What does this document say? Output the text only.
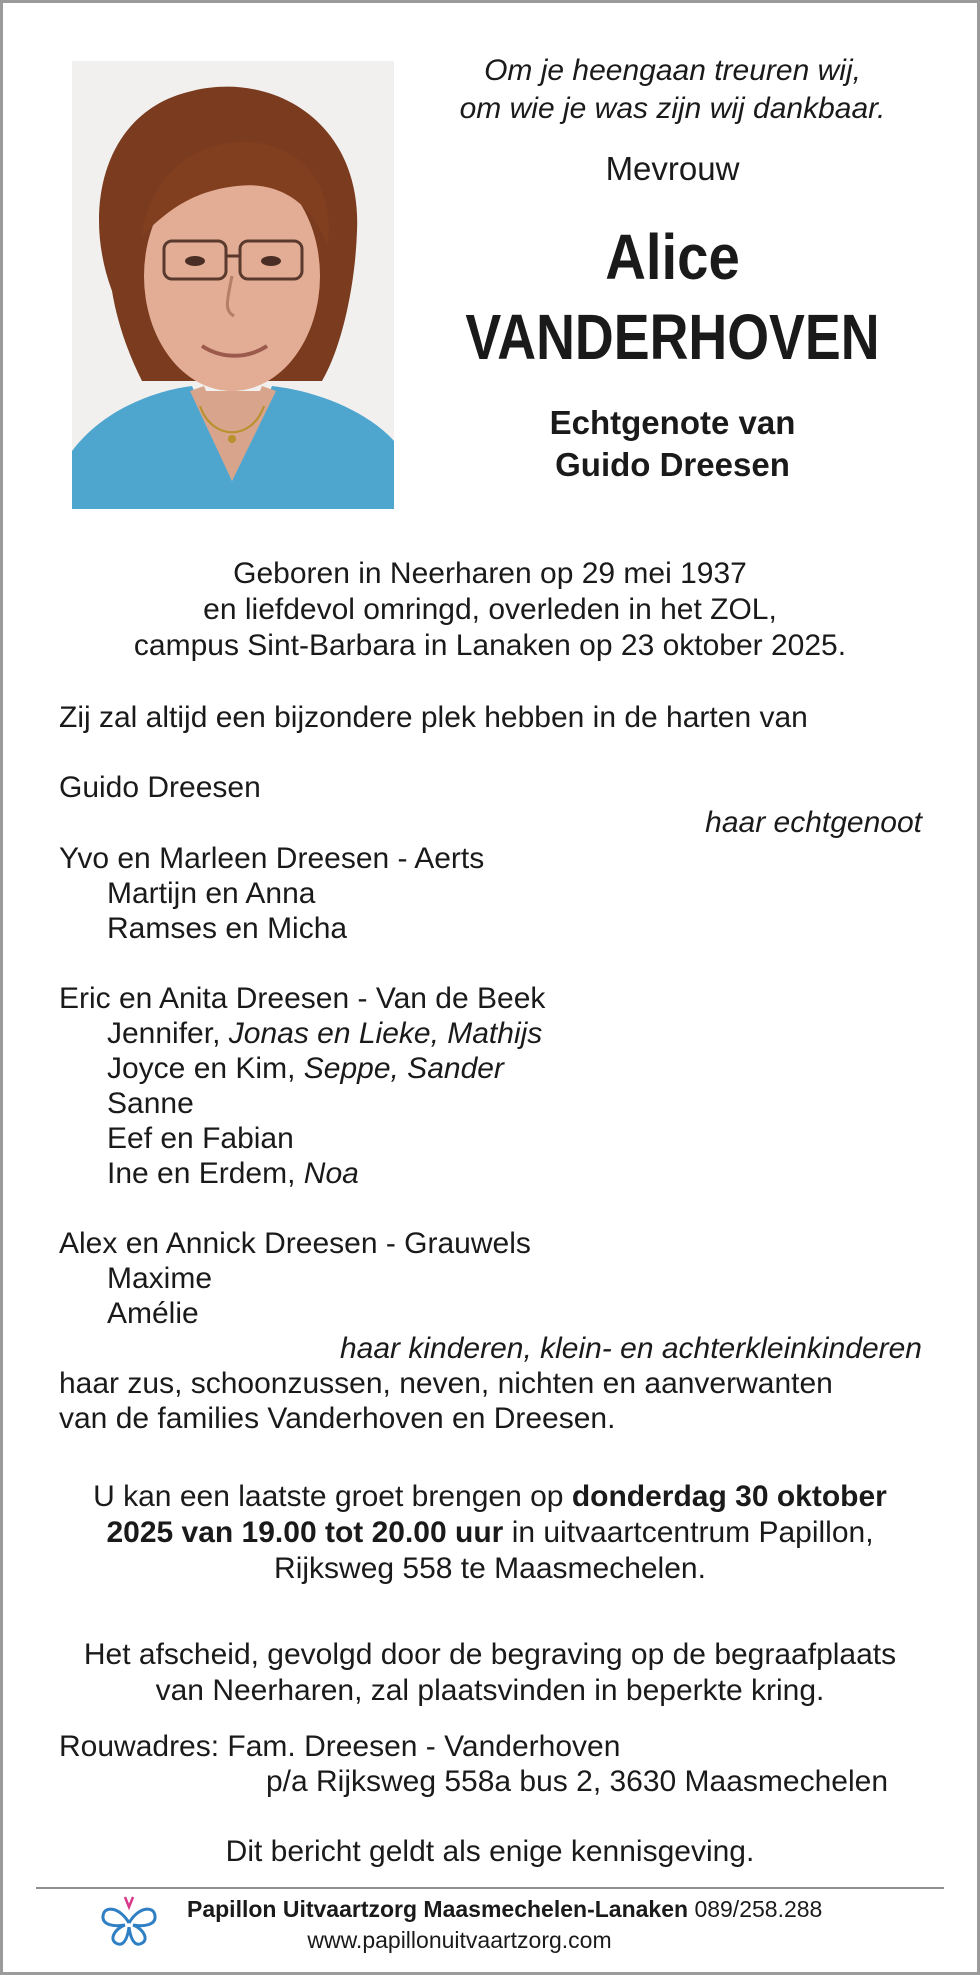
Om je heengaan treuren wij,
om wie je was zijn wij dankbaar.
Mevrouw
Alice
VANDERHOVEN
Echtgenote van
Guido Dreesen
Geboren in Neerharen op 29 mei 1937
en liefdevol omringd, overleden in het ZOL,
campus Sint-Barbara in Lanaken op 23 oktober 2025.
Zij zal altijd een bijzondere plek hebben in de harten van
Guido Dreesen
haar echtgenoot
Yvo en Marleen Dreesen - Aerts
Martijn en Anna
Ramses en Micha
Eric en Anita Dreesen - Van de Beek
Jennifer, Jonas en Lieke, Mathijs
Joyce en Kim, Seppe, Sander
Sanne
Eef en Fabian
Ine en Erdem, Noa
Alex en Annick Dreesen - Grauwels
Maxime
Amélie
haar kinderen, klein- en achterkleinkinderen
haar zus, schoonzussen, neven, nichten en aanverwanten
van de families Vanderhoven en Dreesen.
U kan een laatste groet brengen op donderdag 30 oktober
2025 van 19.00 tot 20.00 uur in uitvaartcentrum Papillon,
Rijksweg 558 te Maasmechelen.
Het afscheid, gevolgd door de begraving op de begraafplaats
van Neerharen, zal plaatsvinden in beperkte kring.
Rouwadres: Fam. Dreesen - Vanderhoven
p/a Rijksweg 558a bus 2, 3630 Maasmechelen
Dit bericht geldt als enige kennisgeving.
Papillon Uitvaartzorg Maasmechelen-Lanaken 089/258.288
www.papillonuitvaartzorg.com
